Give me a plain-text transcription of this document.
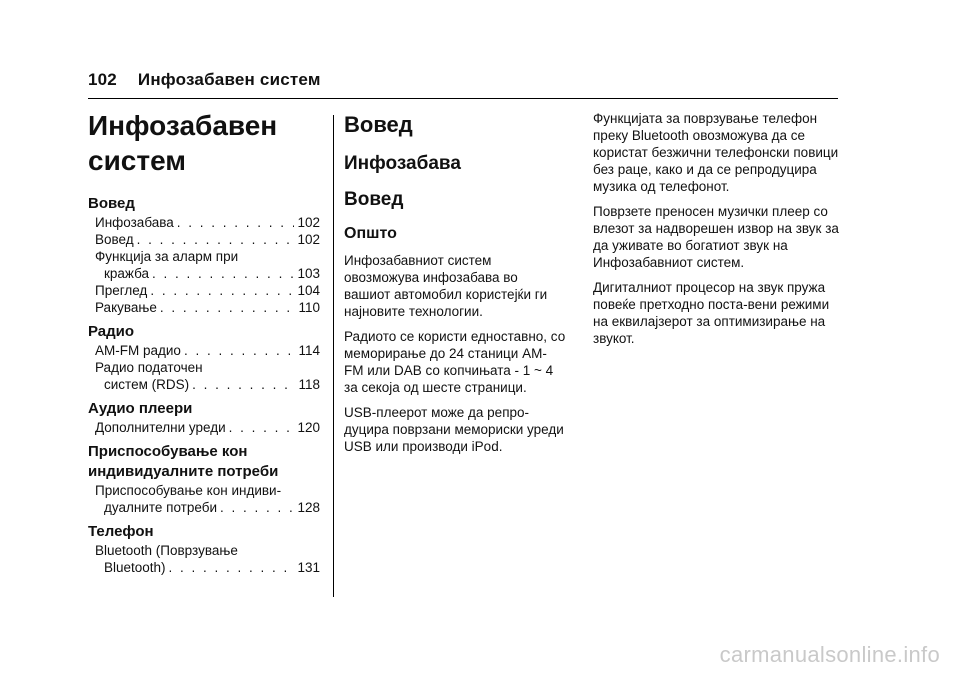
102 Инфозабавен систем
Инфозабавен
систем
Вовед
Инфозабава . . .	102
Вовед . . .	102
Функција за аларм при
кражба . . .	103
Преглед . . .	104
Ракување . . .	110
Радио
AM-FM радио . . .	114
Радио податочен
систем (RDS) . . .	118
Аудио плеери
Дополнителни уреди . . .	120
Приспособување кон индивидуалните потреби
Приспособување кон индиви-
дуалните потреби . . .	128
Телефон
Bluetooth (Поврзување
Bluetooth) . . .	131
Вовед
Инфозабава
Вовед
Општо

Инфозабавниот систем овозможува инфозабава во вашиот автомобил користејќи ги најновите технологии.

Радиото се користи едноставно, со меморирање до 24 станици AM-FM или DAB со копчињата - 1 ~ 4 за секоја од шесте страници.

USB-плеерот може да репро-дуцира поврзани мемориски уреди USB или производи iPod.

Функцијата за поврзување телефон преку Bluetooth овозможува да се користат безжични телефонски повици без раце, како и да се репродуцира музика од телефонот.

Поврзете преносен музички плеер со влезот за надворешен извор на звук за да уживате во богатиот звук на Инфозабавниот систем.

Дигиталниот процесор на звук пружа повеќе претходно поста-вени режими на еквилајзерот за оптимизирање на звукот.

carmanualsonline.info
